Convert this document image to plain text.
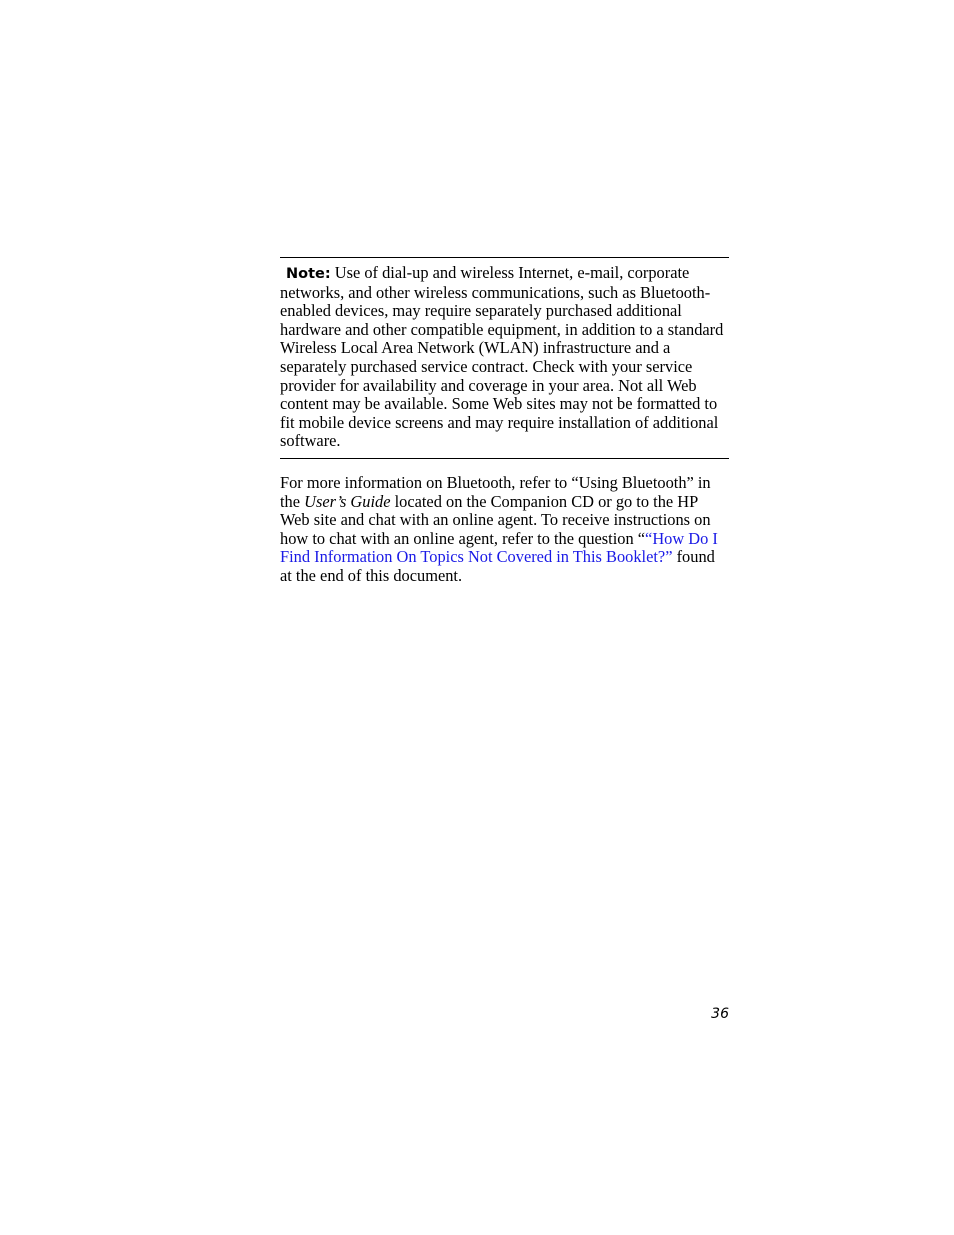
Note: Use of dial-up and wireless Internet, e-mail, corporate networks, and other wireless communications, such as Bluetooth-enabled devices, may require separately purchased additional hardware and other compatible equipment, in addition to a standard Wireless Local Area Network (WLAN) infrastructure and a separately purchased service contract. Check with your service provider for availability and coverage in your area. Not all Web content may be available. Some Web sites may not be formatted to fit mobile device screens and may require installation of additional software.

For more information on Bluetooth, refer to “Using Bluetooth” in the User’s Guide located on the Companion CD or go to the HP Web site and chat with an online agent. To receive instructions on how to chat with an online agent, refer to the question ““How Do I Find Information On Topics Not Covered in This Booklet?” found at the end of this document.

36
